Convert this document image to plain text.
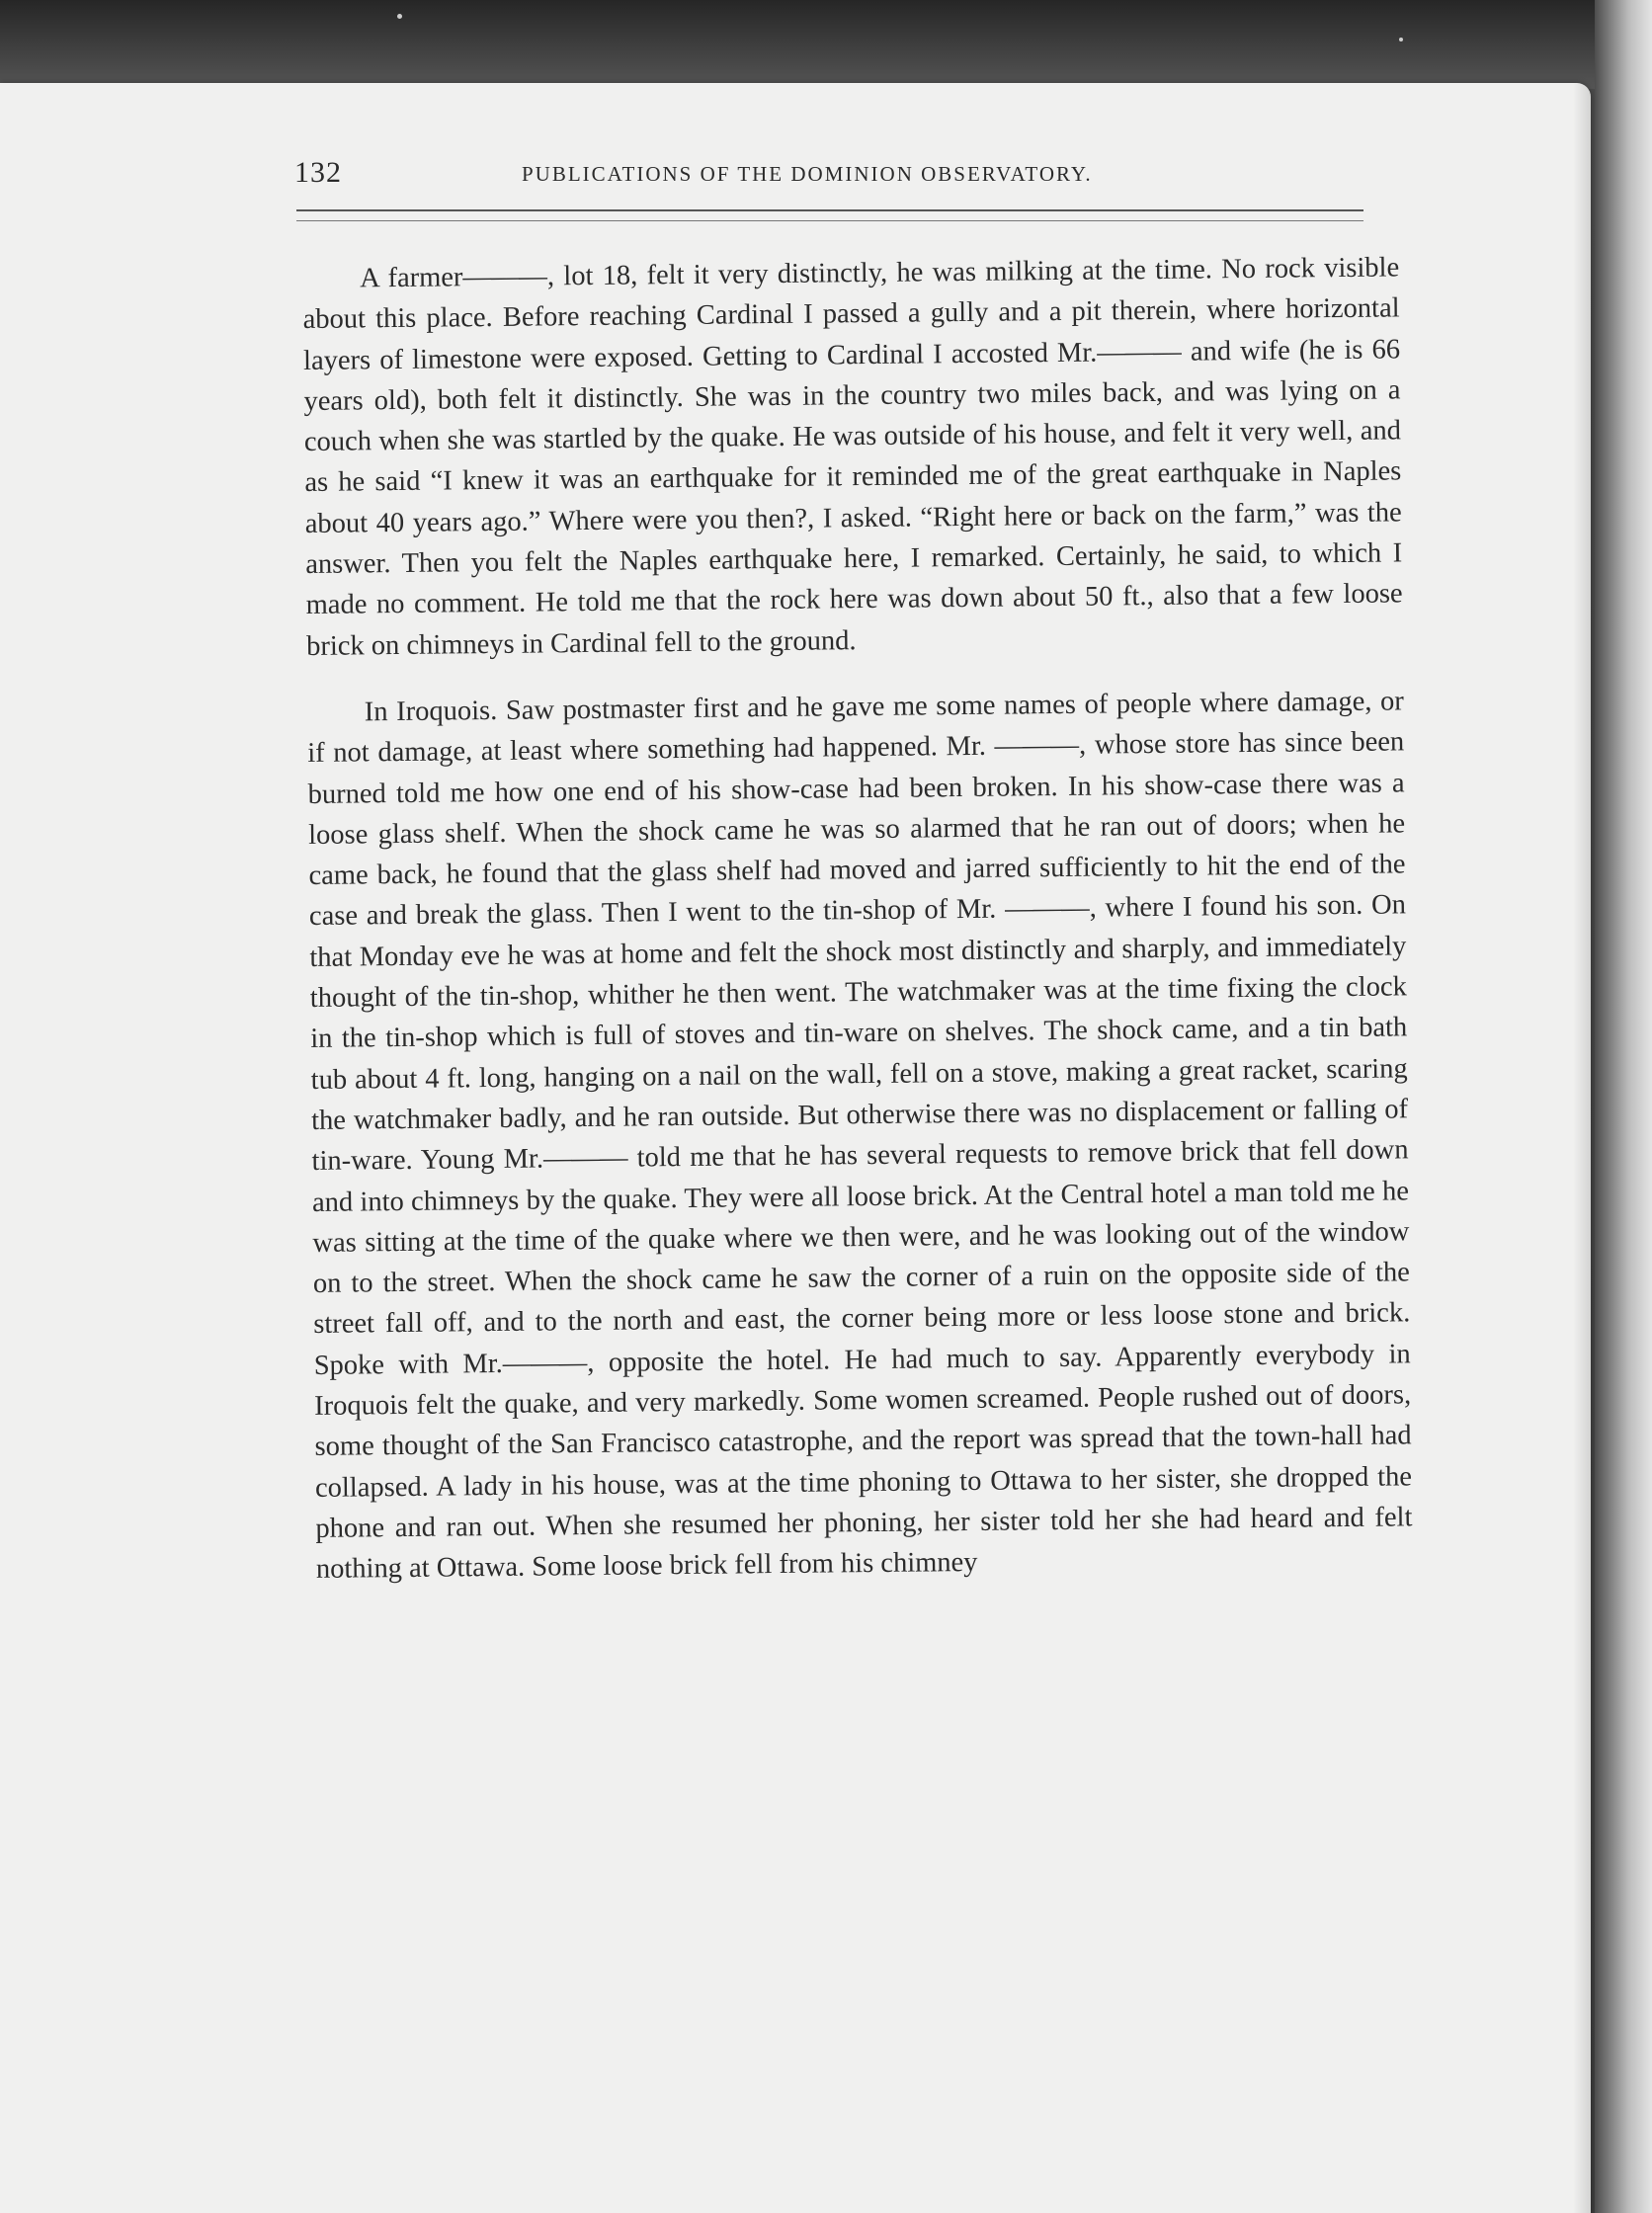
132	PUBLICATIONS OF THE DOMINION OBSERVATORY.

A farmer———, lot 18, felt it very distinctly, he was milking at the time. No rock visible about this place. Before reaching Cardinal I passed a gully and a pit therein, where horizontal layers of limestone were exposed. Getting to Cardinal I accosted Mr.——— and wife (he is 66 years old), both felt it distinctly. She was in the country two miles back, and was lying on a couch when she was startled by the quake. He was outside of his house, and felt it very well, and as he said “I knew it was an earthquake for it reminded me of the great earthquake in Naples about 40 years ago.” Where were you then?, I asked. “Right here or back on the farm,” was the answer. Then you felt the Naples earthquake here, I remarked. Certainly, he said, to which I made no comment. He told me that the rock here was down about 50 ft., also that a few loose brick on chimneys in Cardinal fell to the ground.

In Iroquois. Saw postmaster first and he gave me some names of people where damage, or if not damage, at least where something had happened. Mr. ———, whose store has since been burned told me how one end of his show-case had been broken. In his show-case there was a loose glass shelf. When the shock came he was so alarmed that he ran out of doors; when he came back, he found that the glass shelf had moved and jarred sufficiently to hit the end of the case and break the glass. Then I went to the tin-shop of Mr. ———, where I found his son. On that Monday eve he was at home and felt the shock most distinctly and sharply, and immediately thought of the tin-shop, whither he then went. The watchmaker was at the time fixing the clock in the tin-shop which is full of stoves and tin-ware on shelves. The shock came, and a tin bath tub about 4 ft. long, hanging on a nail on the wall, fell on a stove, making a great racket, scaring the watchmaker badly, and he ran outside. But otherwise there was no displacement or falling of tin-ware. Young Mr.——— told me that he has several requests to remove brick that fell down and into chimneys by the quake. They were all loose brick. At the Central hotel a man told me he was sitting at the time of the quake where we then were, and he was looking out of the window on to the street. When the shock came he saw the corner of a ruin on the opposite side of the street fall off, and to the north and east, the corner being more or less loose stone and brick. Spoke with Mr.———, opposite the hotel. He had much to say. Apparently everybody in Iroquois felt the quake, and very markedly. Some women screamed. People rushed out of doors, some thought of the San Francisco catastrophe, and the report was spread that the town-hall had collapsed. A lady in his house, was at the time phoning to Ottawa to her sister, she dropped the phone and ran out. When she resumed her phoning, her sister told her she had heard and felt nothing at Ottawa. Some loose brick fell from his chimney
